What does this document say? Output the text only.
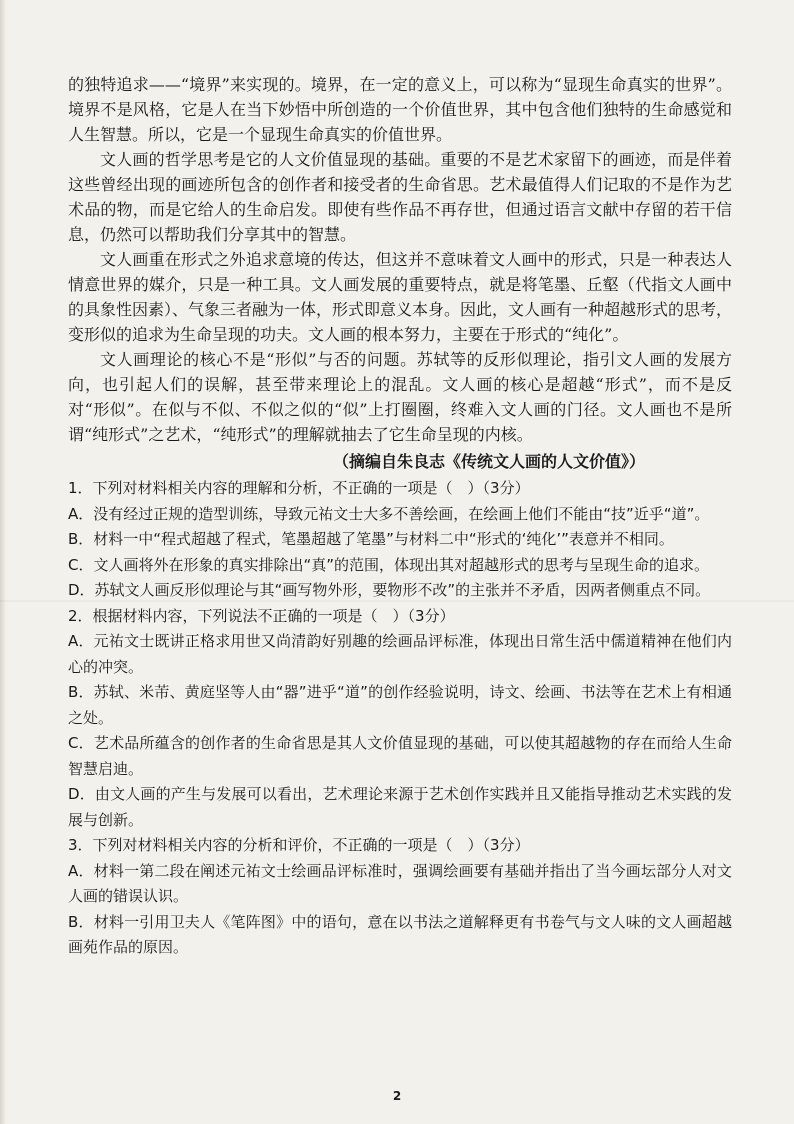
的独特追求——“境界”来实现的。境界，在一定的意义上，可以称为“显现生命真实的世界”。境界不是风格，它是人在当下妙悟中所创造的一个价值世界，其中包含他们独特的生命感觉和人生智慧。所以，它是一个显现生命真实的价值世界。

文人画的哲学思考是它的人文价值显现的基础。重要的不是艺术家留下的画迹，而是伴着这些曾经出现的画迹所包含的创作者和接受者的生命省思。艺术最值得人们记取的不是作为艺术品的物，而是它给人的生命启发。即使有些作品不再存世，但通过语言文献中存留的若干信息，仍然可以帮助我们分享其中的智慧。

文人画重在形式之外追求意境的传达，但这并不意味着文人画中的形式，只是一种表达人情意世界的媒介，只是一种工具。文人画发展的重要特点，就是将笔墨、丘壑（代指文人画中的具象性因素）、气象三者融为一体，形式即意义本身。因此，文人画有一种超越形式的思考，变形似的追求为生命呈现的功夫。文人画的根本努力，主要在于形式的“纯化”。

文人画理论的核心不是“形似”与否的问题。苏轼等的反形似理论，指引文人画的发展方向，也引起人们的误解，甚至带来理论上的混乱。文人画的核心是超越“形式”，而不是反对“形似”。在似与不似、不似之似的“似”上打圈圈，终难入文人画的门径。文人画也不是所谓“纯形式”之艺术，“纯形式”的理解就抽去了它生命呈现的内核。

（摘编自朱良志《传统文人画的人文价值》）

1．下列对材料相关内容的理解和分析，不正确的一项是（　）（3分）

A．没有经过正规的造型训练，导致元祐文士大多不善绘画，在绘画上他们不能由“技”近乎“道”。

B．材料一中“程式超越了程式，笔墨超越了笔墨”与材料二中“形式的‘纯化’”表意并不相同。

C．文人画将外在形象的真实排除出“真”的范围，体现出其对超越形式的思考与呈现生命的追求。

D．苏轼文人画反形似理论与其“画写物外形，要物形不改”的主张并不矛盾，因两者侧重点不同。

2．根据材料内容，下列说法不正确的一项是（　）（3分）

A．元祐文士既讲正格求用世又尚清韵好别趣的绘画品评标准，体现出日常生活中儒道精神在他们内心的冲突。

B．苏轼、米芾、黄庭坚等人由“器”进乎“道”的创作经验说明，诗文、绘画、书法等在艺术上有相通之处。

C．艺术品所蕴含的创作者的生命省思是其人文价值显现的基础，可以使其超越物的存在而给人生命智慧启迪。

D．由文人画的产生与发展可以看出，艺术理论来源于艺术创作实践并且又能指导推动艺术实践的发展与创新。

3．下列对材料相关内容的分析和评价，不正确的一项是（　）（3分）

A．材料一第二段在阐述元祐文士绘画品评标准时，强调绘画要有基础并指出了当今画坛部分人对文人画的错误认识。

B．材料一引用卫夫人《笔阵图》中的语句，意在以书法之道解释更有书卷气与文人味的文人画超越画苑作品的原因。

2
